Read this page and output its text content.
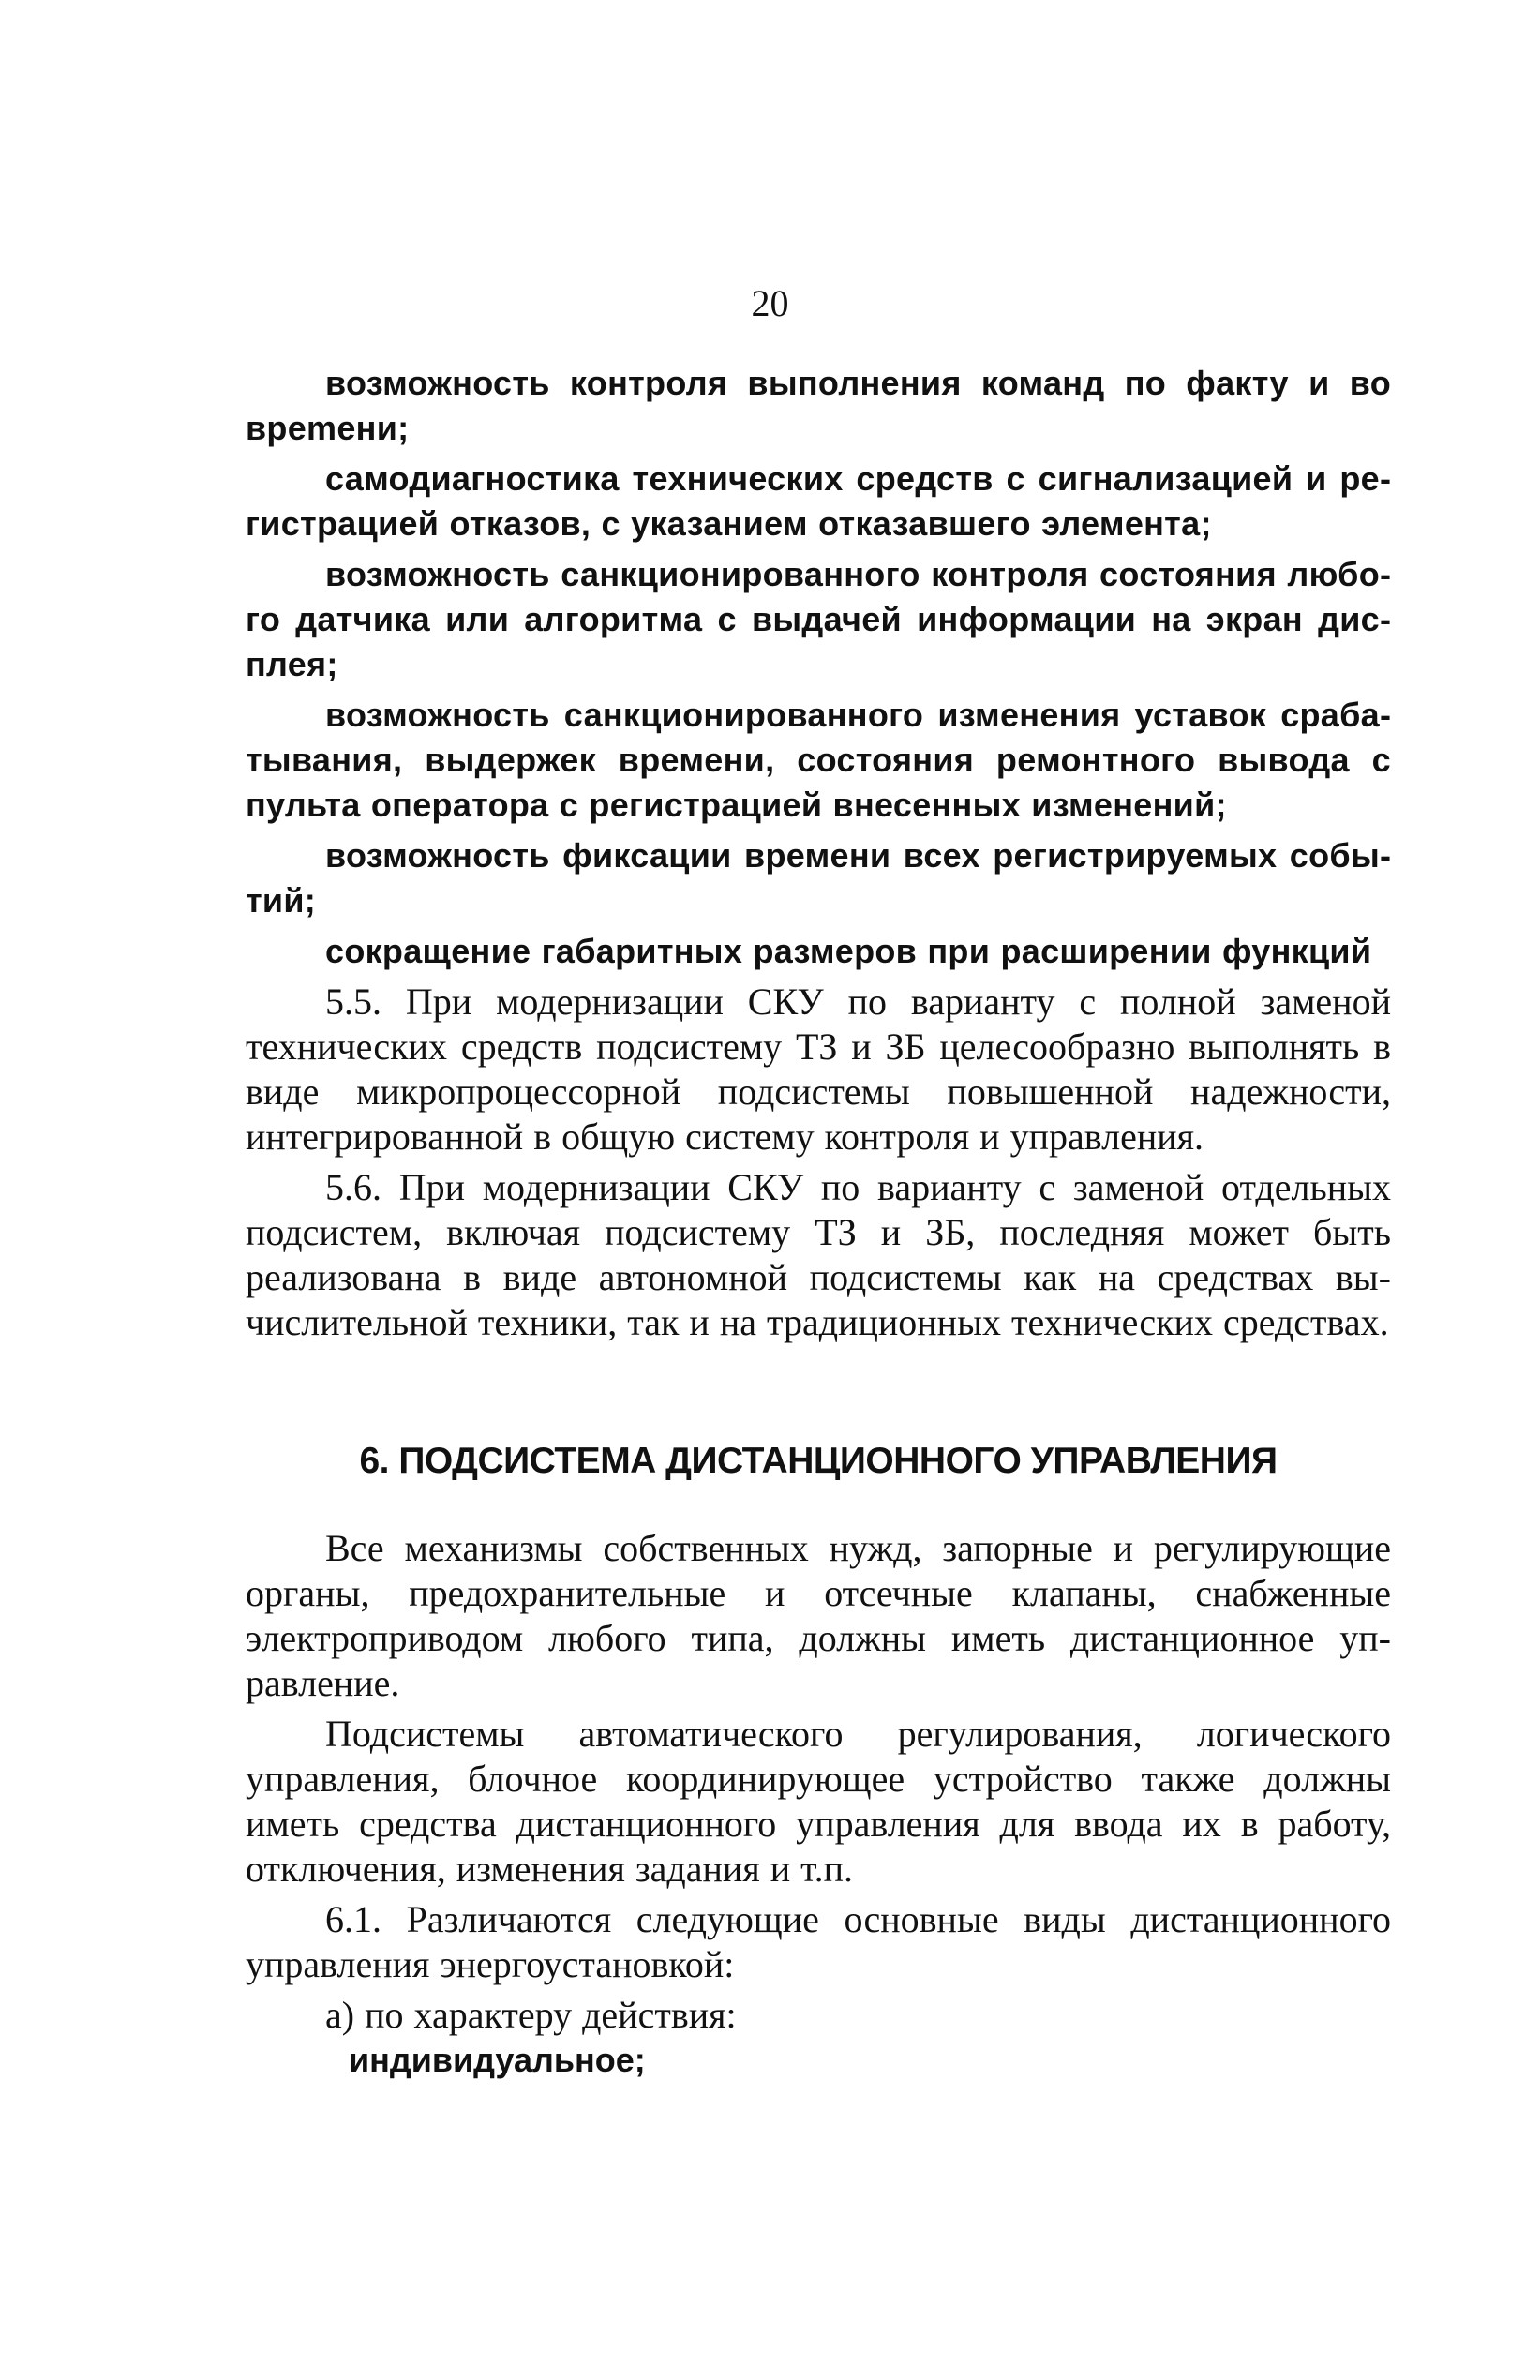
20

возможность контроля выполнения команд по факту и во вреmени;

самодиагностика технических средств с сигнализацией и регистрацией отказов, с указанием отказавшего элемента;

возможность санкционированного контроля состояния любого датчика или алгоритма с выдачей информации на экран дисплея;

возможность санкционированного изменения уставок срабатывания, выдержек времени, состояния ремонтного вывода с пульта оператора с регистрацией внесенных изменений;

возможность фиксации времени всех регистрируемых событий;

сокращение габаритных размеров при расширении функций

5.5. При модернизации СКУ по варианту с полной заменой технических средств подсистему ТЗ и ЗБ целесообразно выполнять в виде микропроцессорной подсистемы повышенной надежности, интегрированной в общую систему контроля и управления.

5.6. При модернизации СКУ по варианту с заменой отдельных подсистем, включая подсистему ТЗ и ЗБ, последняя может быть реализована в виде автономной подсистемы как на средствах вычислительной техники, так и на традиционных технических средствах.

6. ПОДСИСТЕМА ДИСТАНЦИОННОГО УПРАВЛЕНИЯ

Все механизмы собственных нужд, запорные и регулирующие органы, предохранительные и отсечные клапаны, снабженные электроприводом любого типа, должны иметь дистанционное управление.

Подсистемы автоматического регулирования, логического управления, блочное координирующее устройство также должны иметь средства дистанционного управления для ввода их в работу, отключения, изменения задания и т.п.

6.1. Различаются следующие основные виды дистанционного управления энергоустановкой:

а) по характеру действия:

индивидуальное;
